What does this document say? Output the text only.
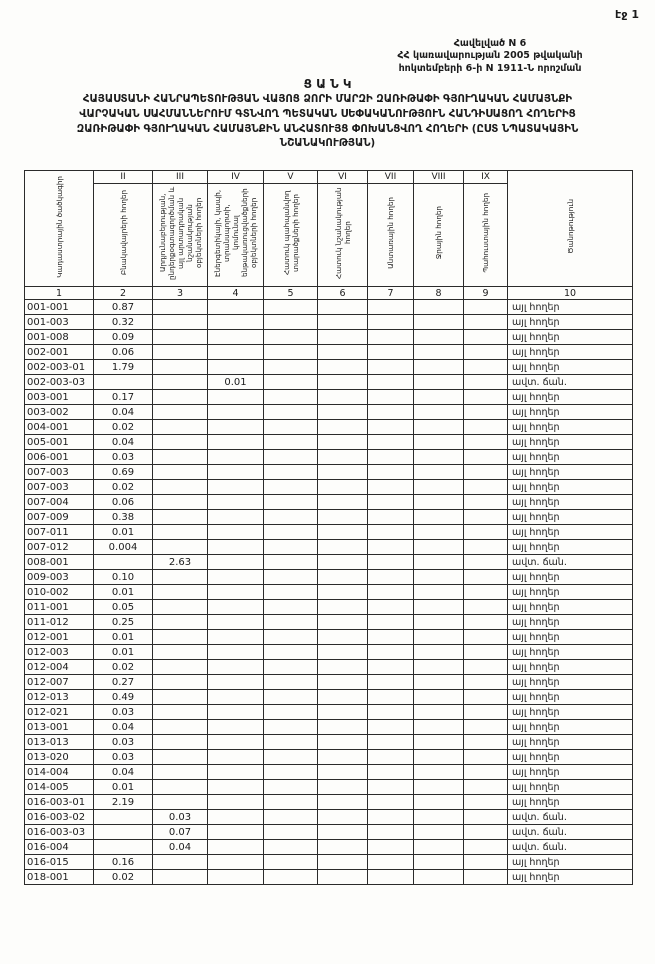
էջ 1
Հավելված N 6
ՀՀ կառավարության 2005 թվականի
հոկտեմբերի 6-ի N 1911-Ն որոշման
Ց Ա Ն Կ
ՀԱՅԱՍՏԱՆԻ ՀԱՆՐԱՊԵՏՈՒԹՅԱՆ ՎԱՅՈՑ ՁՈՐԻ ՄԱՐԶԻ ԶԱՌԻԹԱՓԻ ԳՅՈՒՂԱԿԱՆ ՀԱՄԱՅՆՔԻ
ՎԱՐՉԱԿԱՆ ՍԱՀՄԱՆՆԵՐՈՒՄ ԳՏՆՎՈՂ ՊԵՏԱԿԱՆ ՍԵՓԱԿԱՆՈՒԹՅՈՒՆ ՀԱՆԴԻՍԱՑՈՂ ՀՈՂԵՐԻՑ
ԶԱՌԻԹԱՓԻ ԳՅՈՒՂԱԿԱՆ ՀԱՄԱՅՆՔԻՆ ԱՆՀԱՏՈՒՅՑ ՓՈԽԱՆՑՎՈՂ ՀՈՂԵՐԻ (ԸՍՏ ՆՊԱՏԱԿԱՅԻՆ
ՆՇԱՆԱԿՈՒԹՅԱՆ)
Կադաստրային ծածկագիր	II	III	IV	V	VI	VII	VIII	IX	Ծանոթություն
	Բնակավայրերի հողեր	Արդյունաբերության, ընդերքօգտագործման և այլ արտադրական նշանակության օբյեկտների հողեր	Էներգետիկայի, կապի, տրանսպորտի, կոմունալ ենթակառուցվածքների օբյեկտների հողեր	Հատուկ պահպանվող տարածքների հողեր	Հատուկ նշանակության հողեր	Անտառային հողեր	Ջրային հողեր	Պահուստային հողեր	
1	2	3	4	5	6	7	8	9	10
001-001	0.87								այլ հողեր
001-003	0.32								այլ հողեր
001-008	0.09								այլ հողեր
002-001	0.06								այլ հողեր
002-003-01	1.79								այլ հողեր
002-003-03			0.01						ավտ. ճան.
003-001	0.17								այլ հողեր
003-002	0.04								այլ հողեր
004-001	0.02								այլ հողեր
005-001	0.04								այլ հողեր
006-001	0.03								այլ հողեր
007-003	0.69								այլ հողեր
007-003	0.02								այլ հողեր
007-004	0.06								այլ հողեր
007-009	0.38								այլ հողեր
007-011	0.01								այլ հողեր
007-012	0.004								այլ հողեր
008-001		2.63							ավտ. ճան.
009-003	0.10								այլ հողեր
010-002	0.01								այլ հողեր
011-001	0.05								այլ հողեր
011-012	0.25								այլ հողեր
012-001	0.01								այլ հողեր
012-003	0.01								այլ հողեր
012-004	0.02								այլ հողեր
012-007	0.27								այլ հողեր
012-013	0.49								այլ հողեր
012-021	0.03								այլ հողեր
013-001	0.04								այլ հողեր
013-013	0.03								այլ հողեր
013-020	0.03								այլ հողեր
014-004	0.04								այլ հողեր
014-005	0.01								այլ հողեր
016-003-01	2.19								այլ հողեր
016-003-02		0.03							ավտ. ճան.
016-003-03		0.07							ավտ. ճան.
016-004		0.04							ավտ. ճան.
016-015	0.16								այլ հողեր
018-001	0.02								այլ հողեր
